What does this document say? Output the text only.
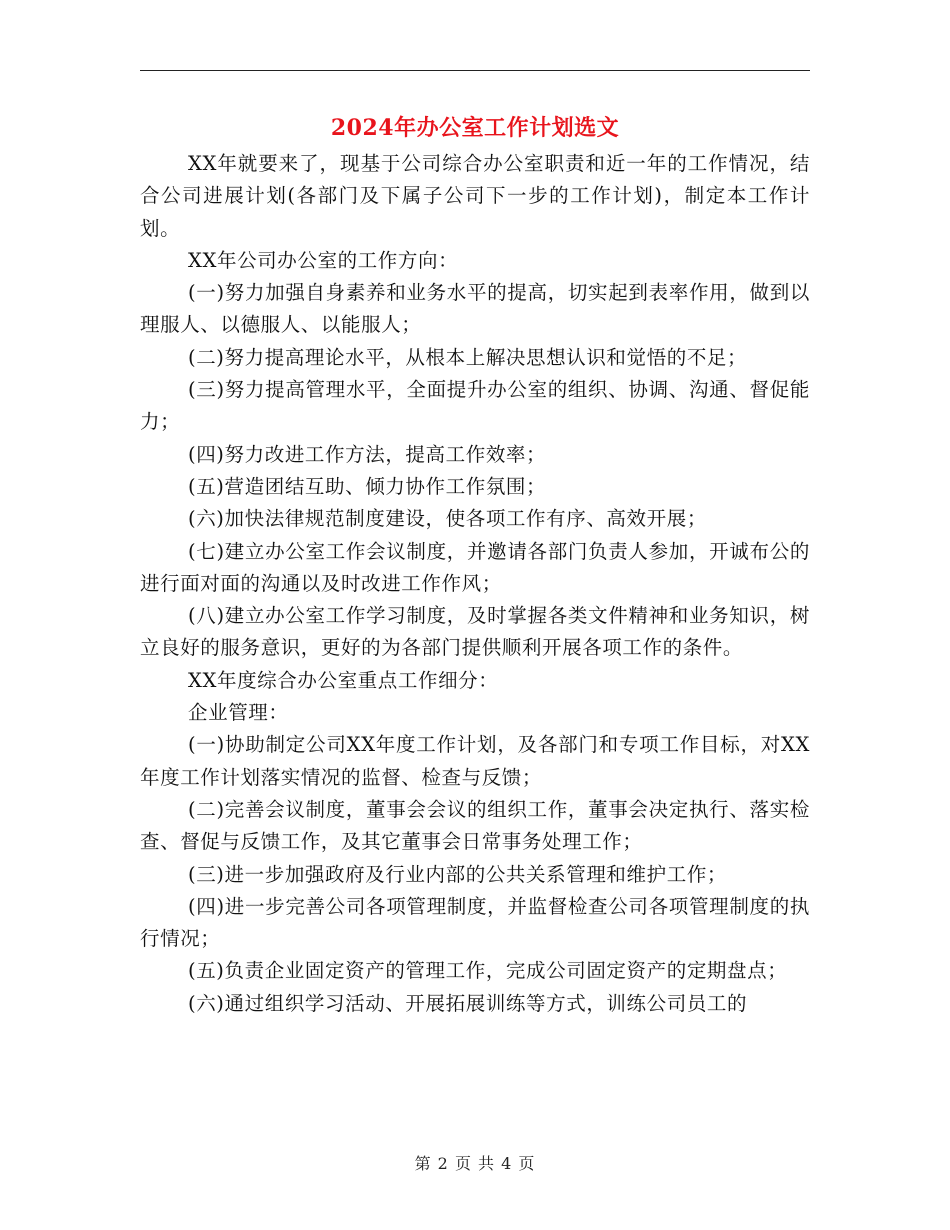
2024年办公室工作计划选文

XX年就要来了，现基于公司综合办公室职责和近一年的工作情况，结合公司进展计划(各部门及下属子公司下一步的工作计划)，制定本工作计划。

XX年公司办公室的工作方向：

(一)努力加强自身素养和业务水平的提高，切实起到表率作用，做到以理服人、以德服人、以能服人；

(二)努力提高理论水平，从根本上解决思想认识和觉悟的不足；

(三)努力提高管理水平，全面提升办公室的组织、协调、沟通、督促能力；

(四)努力改进工作方法，提高工作效率；

(五)营造团结互助、倾力协作工作氛围；

(六)加快法律规范制度建设，使各项工作有序、高效开展；

(七)建立办公室工作会议制度，并邀请各部门负责人参加，开诚布公的进行面对面的沟通以及时改进工作作风；

(八)建立办公室工作学习制度，及时掌握各类文件精神和业务知识，树立良好的服务意识，更好的为各部门提供顺利开展各项工作的条件。

XX年度综合办公室重点工作细分：

企业管理：

(一)协助制定公司XX年度工作计划，及各部门和专项工作目标，对XX年度工作计划落实情况的监督、检查与反馈；

(二)完善会议制度，董事会会议的组织工作，董事会决定执行、落实检查、督促与反馈工作，及其它董事会日常事务处理工作；

(三)进一步加强政府及行业内部的公共关系管理和维护工作；

(四)进一步完善公司各项管理制度，并监督检查公司各项管理制度的执行情况；

(五)负责企业固定资产的管理工作，完成公司固定资产的定期盘点；

(六)通过组织学习活动、开展拓展训练等方式，训练公司员工的

第 2 页 共 4 页
